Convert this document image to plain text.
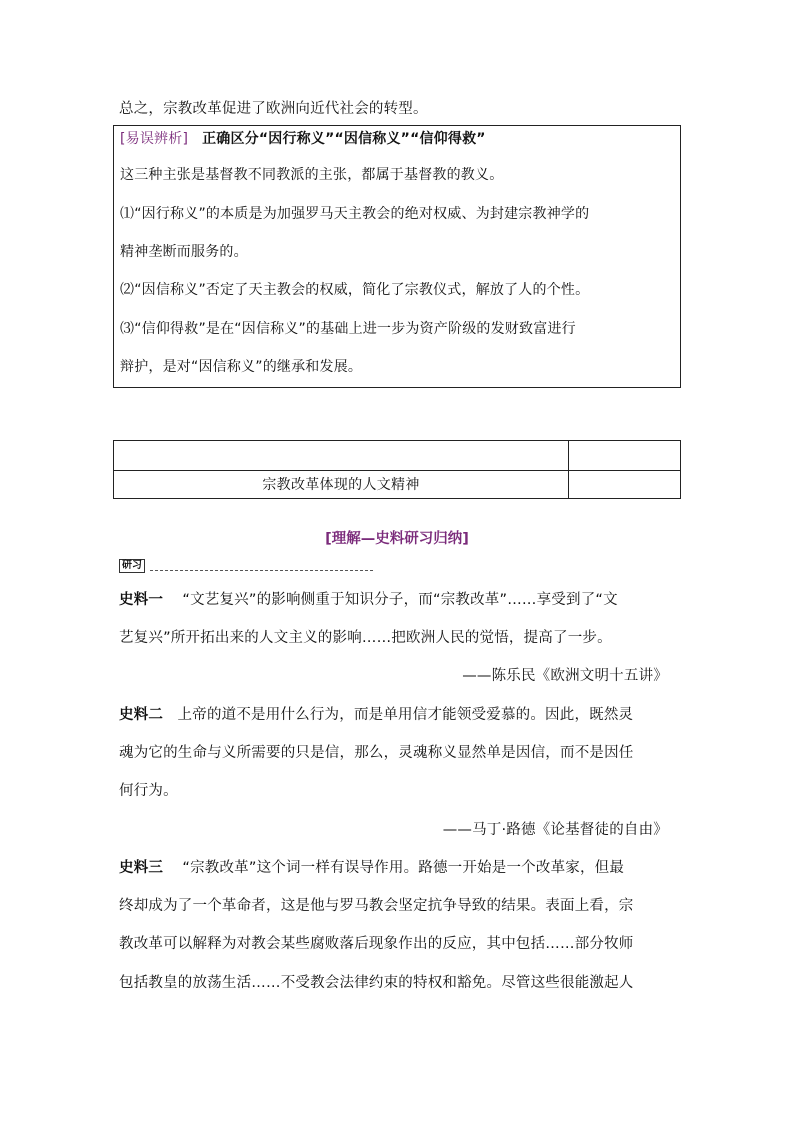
总之，宗教改革促进了欧洲向近代社会的转型。
[易误辨析] 正确区分“因行称义”“因信称义”“信仰得救”
这三种主张是基督教不同教派的主张，都属于基督教的教义。
⑴“因行称义”的本质是为加强罗马天主教会的绝对权威、为封建宗教神学的
精神垄断而服务的。
⑵“因信称义”否定了天主教会的权威，简化了宗教仪式，解放了人的个性。
⑶“信仰得救”是在“因信称义”的基础上进一步为资产阶级的发财致富进行
辩护，是对“因信称义”的继承和发展。
宗教改革体现的人文精神
[理解—史料研习归纳]
研习
史料一 “文艺复兴”的影响侧重于知识分子，而“宗教改革”……享受到了“文
艺复兴”所开拓出来的人文主义的影响……把欧洲人民的觉悟，提高了一步。
——陈乐民《欧洲文明十五讲》
史料二 上帝的道不是用什么行为，而是单用信才能领受爱慕的。因此，既然灵
魂为它的生命与义所需要的只是信，那么，灵魂称义显然单是因信，而不是因任
何行为。
——马丁·路德《论基督徒的自由》
史料三 “宗教改革”这个词一样有误导作用。路德一开始是一个改革家，但最
终却成为了一个革命者，这是他与罗马教会坚定抗争导致的结果。表面上看，宗
教改革可以解释为对教会某些腐败落后现象作出的反应，其中包括……部分牧师
包括教皇的放荡生活……不受教会法律约束的特权和豁免。尽管这些很能激起人
